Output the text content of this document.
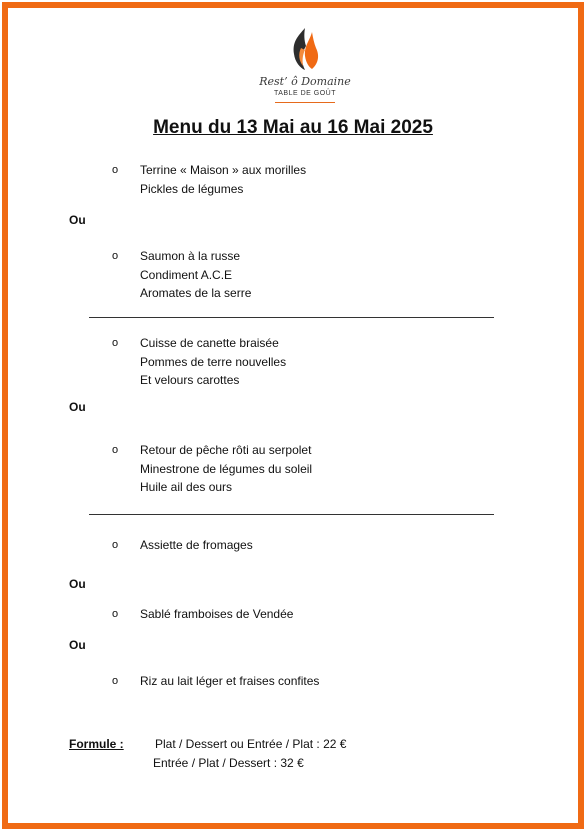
Rest’ ô Domaine
TABLE DE GOÛT
Menu du 13 Mai au 16 Mai 2025
o Terrine « Maison » aux morilles
Pickles de légumes
Ou
o Saumon à la russe
Condiment A.C.E
Aromates de la serre
o Cuisse de canette braisée
Pommes de terre nouvelles
Et velours carottes
Ou
o Retour de pêche rôti au serpolet
Minestrone de légumes du soleil
Huile ail des ours
o Assiette de fromages
Ou
o Sablé framboises de Vendée
Ou
o Riz au lait léger et fraises confites
Formule :	Plat / Dessert ou Entrée / Plat : 22 €
Entrée / Plat / Dessert : 32 €
